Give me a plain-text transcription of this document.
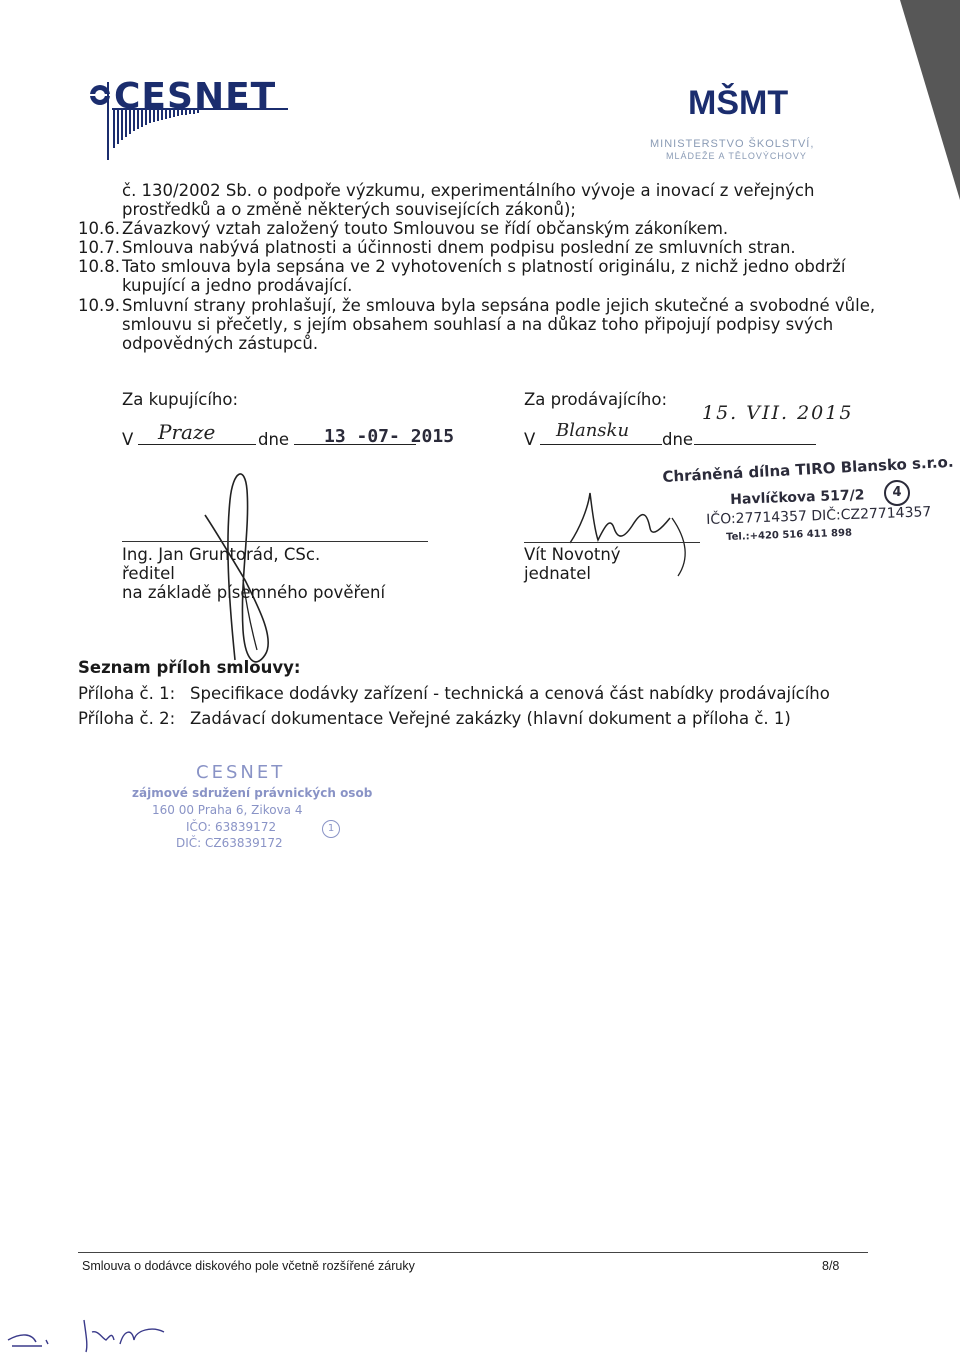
CESNET	MŠMT
MINISTERSTVO ŠKOLSTVÍ,
MLÁDEŽE A TĚLOVÝCHOVY
č. 130/2002 Sb. o podpoře výzkumu, experimentálního vývoje a inovací z veřejných
prostředků a o změně některých souvisejících zákonů);
10.6. Závazkový vztah založený touto Smlouvou se řídí občanským zákoníkem.
10.7. Smlouva nabývá platnosti a účinnosti dnem podpisu poslední ze smluvních stran.
10.8. Tato smlouva byla sepsána ve 2 vyhotoveních s platností originálu, z nichž jedno obdrží
kupující a jedno prodávající.
10.9. Smluvní strany prohlašují, že smlouva byla sepsána podle jejich skutečné a svobodné vůle,
smlouvu si přečetly, s jejím obsahem souhlasí a na důkaz toho připojují podpisy svých
odpovědných zástupců.
Za kupujícího:
V Praze	dne 13 -07- 2015
Ing. Jan Gruntorád, CSc.
ředitel
na základě písemného pověření
Za prodávajícího:
15. VII. 2015
V Blansku dne
Chráněná dílna TIRO Blansko s.r.o.
Havlíčkova 517/2	4
IČO:27714357 DIČ:CZ27714357
Tel.:+420 516 411 898
Vít Novotný
jednatel
Seznam příloh smlouvy:
Příloha č. 1: Specifikace dodávky zařízení - technická a cenová část nabídky prodávajícího
Příloha č. 2: Zadávací dokumentace Veřejné zakázky (hlavní dokument a příloha č. 1)
CESNET
zájmové sdružení právnických osob
160 00 Praha 6, Zikova 4
IČO: 63839172	1
DIČ: CZ63839172
Smlouva o dodávce diskového pole včetně rozšířené záruky	8/8
